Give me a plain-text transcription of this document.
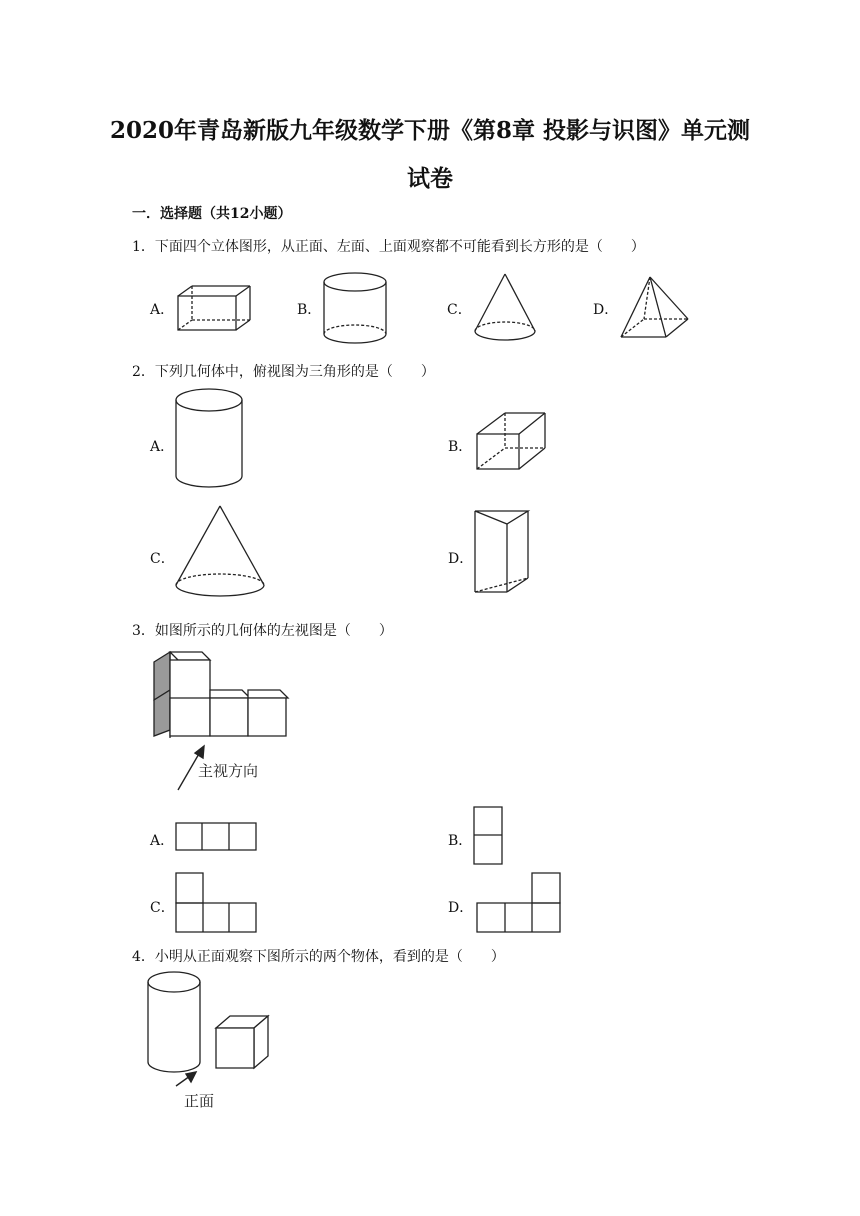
2020年青岛新版九年级数学下册《第8章 投影与识图》单元测
试卷
一．选择题（共12小题）
1．下面四个立体图形，从正面、左面、上面观察都不可能看到长方形的是（　　）
A．	B．	C．	D．
2．下列几何体中，俯视图为三角形的是（　　）
A．	B．
C．	D．
3．如图所示的几何体的左视图是（　　）
主视方向
A．	B．
C．	D．
4．小明从正面观察下图所示的两个物体，看到的是（　　）
正面
